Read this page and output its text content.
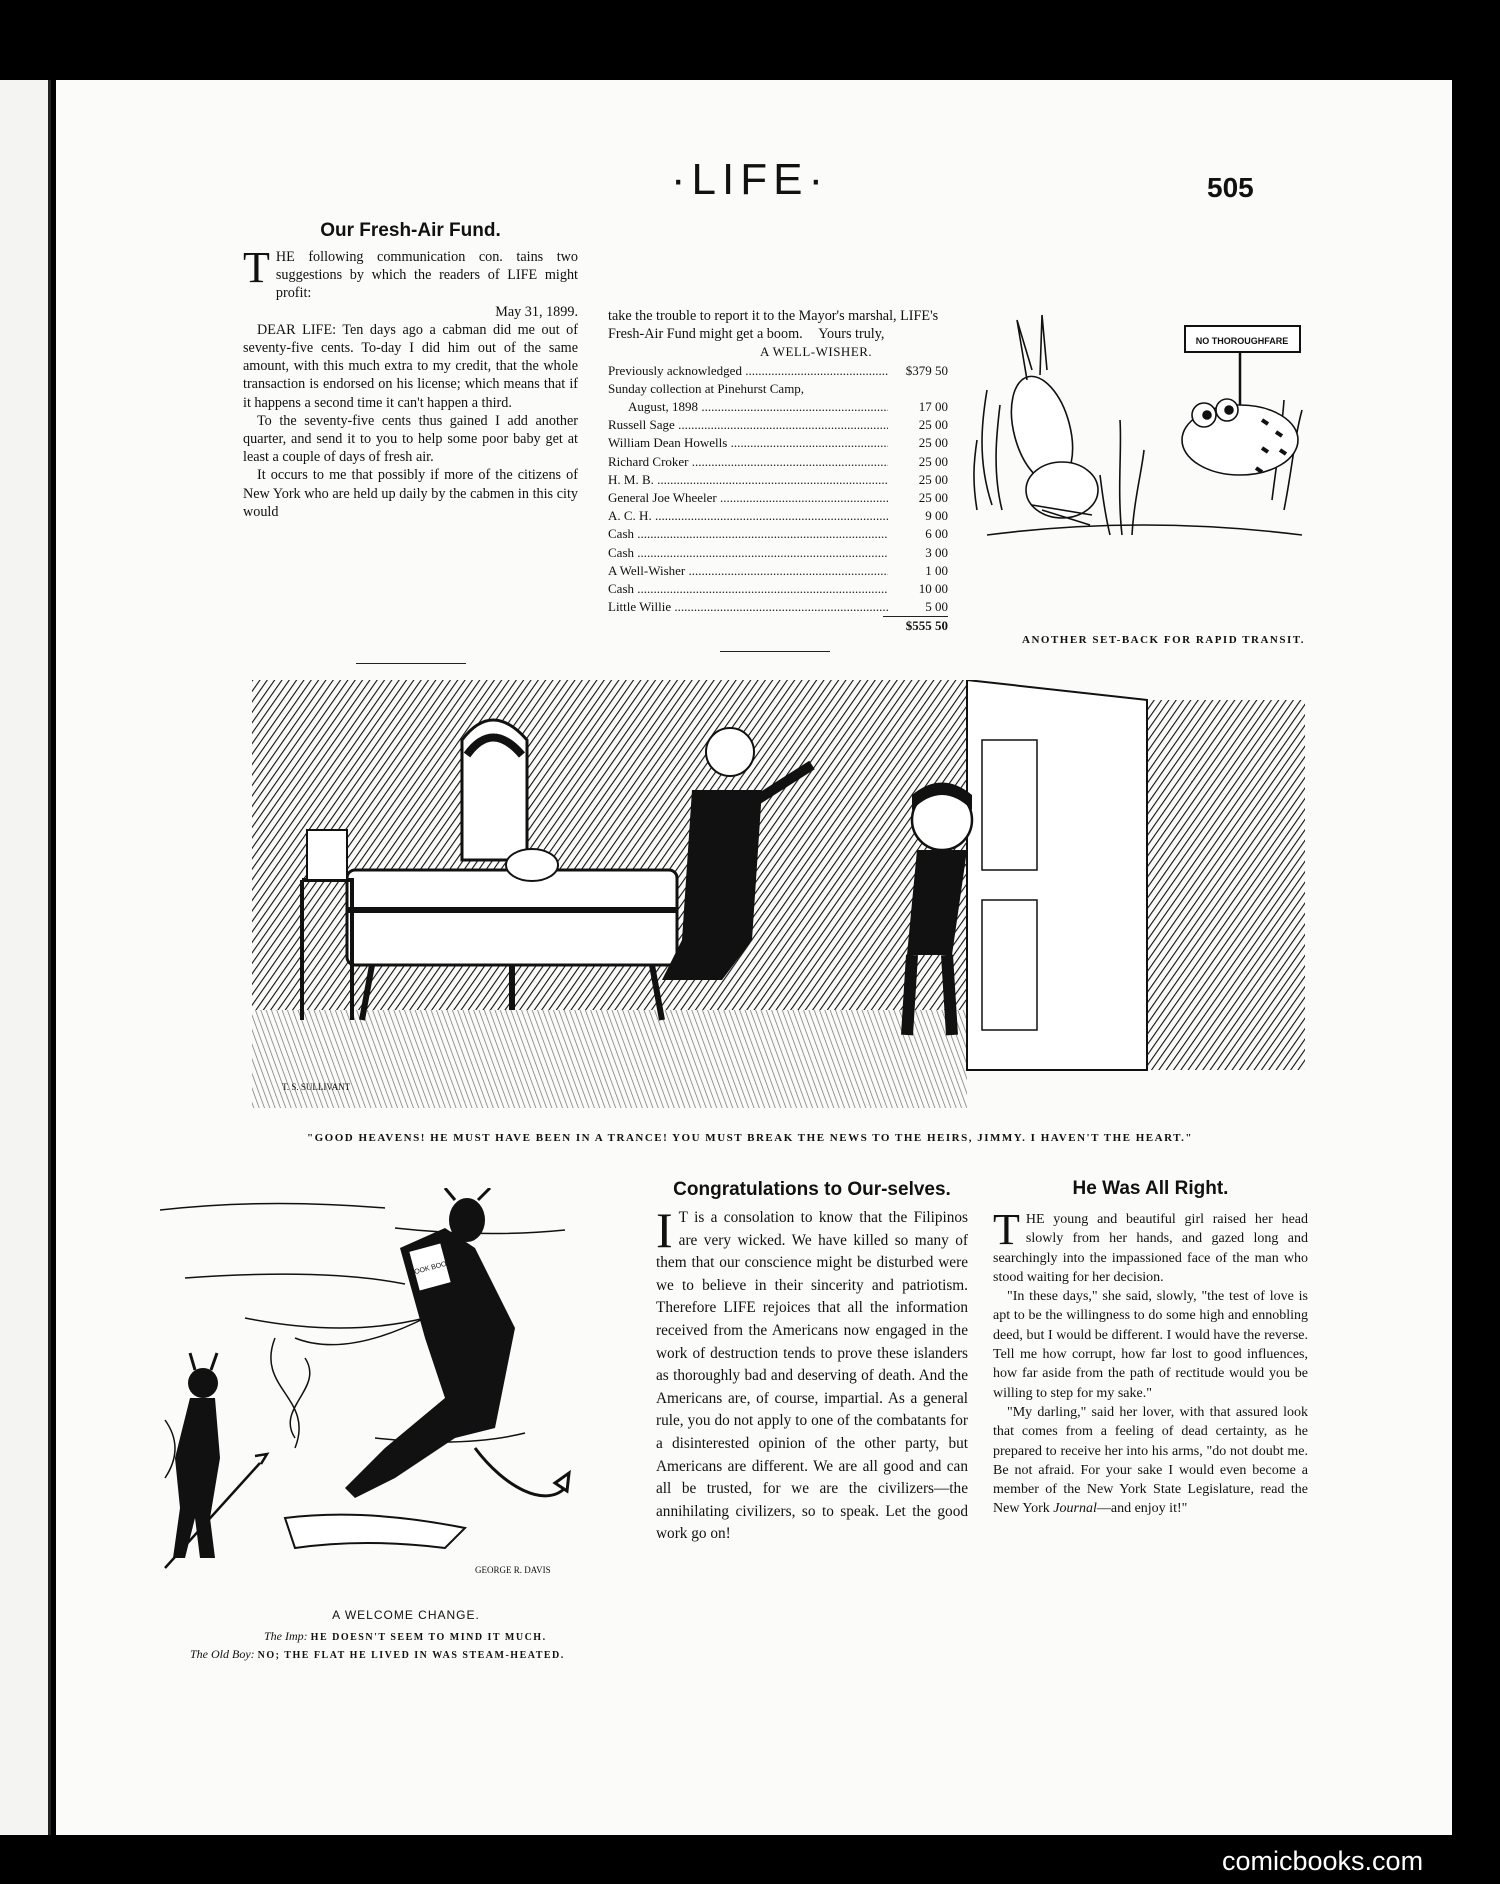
·LIFE·	505
Our Fresh-Air Fund.

THE following communication con. tains two suggestions by which the readers of LIFE might profit:

May 31, 1899.

DEAR LIFE: Ten days ago a cabman did me out of seventy-five cents. To-day I did him out of the same amount, with this much extra to my credit, that the whole transaction is endorsed on his license; which means that if it happens a second time it can't happen a third.

To the seventy-five cents thus gained I add another quarter, and send it to you to help some poor baby get at least a couple of days of fresh air.

It occurs to me that possibly if more of the citizens of New York who are held up daily by the cabmen in this city would

take the trouble to report it to the Mayor's marshal, LIFE's Fresh-Air Fund might get a boom. Yours truly,
A WELL-WISHER.
Previously acknowledged .....	$379 50
Sunday collection at Pinehurst Camp,
August, 1898 .....	17 00
Russell Sage .....	25 00
William Dean Howells .....	25 00
Richard Croker .....	25 00
H. M. B. .....	25 00
General Joe Wheeler .....	25 00
A. C. H. .....	9 00
Cash .....	6 00
Cash .....	3 00
A Well-Wisher .....	1 00
Cash .....	10 00
Little Willie .....	5 00
$555 50
NO THOROUGHFARE
ANOTHER SET-BACK FOR RAPID TRANSIT.
T. S. SULLIVANT
"GOOD HEAVENS! HE MUST HAVE BEEN IN A TRANCE! YOU MUST BREAK THE NEWS TO THE HEIRS, JIMMY. I HAVEN'T THE HEART."
COOK BOOK
GEORGE R. DAVIS
A WELCOME CHANGE.
The Imp: HE DOESN'T SEEM TO MIND IT MUCH.
The Old Boy: NO; THE FLAT HE LIVED IN WAS STEAM-HEATED.
Congratulations to Our-selves.

I T is a consolation to know that the Filipinos are very wicked. We have killed so many of them that our conscience might be disturbed were we to believe in their sincerity and patriotism. Therefore LIFE rejoices that all the information received from the Americans now engaged in the work of destruction tends to prove these islanders as thoroughly bad and deserving of death. And the Americans are, of course, impartial. As a general rule, you do not apply to one of the combatants for a disinterested opinion of the other party, but Americans are different. We are all good and can all be trusted, for we are the civilizers—the annihilating civilizers, so to speak. Let the good work go on!

He Was All Right.

THE young and beautiful girl raised her head slowly from her hands, and gazed long and searchingly into the impassioned face of the man who stood waiting for her decision.

"In these days," she said, slowly, "the test of love is apt to be the willingness to do some high and ennobling deed, but I would be different. I would have the reverse. Tell me how corrupt, how far lost to good influences, how far aside from the path of rectitude would you be willing to step for my sake."

"My darling," said her lover, with that assured look that comes from a feeling of dead certainty, as he prepared to receive her into his arms, "do not doubt me. Be not afraid. For your sake I would even become a member of the New York State Legislature, read the New York Journal—and enjoy it!"

comicbooks.com
